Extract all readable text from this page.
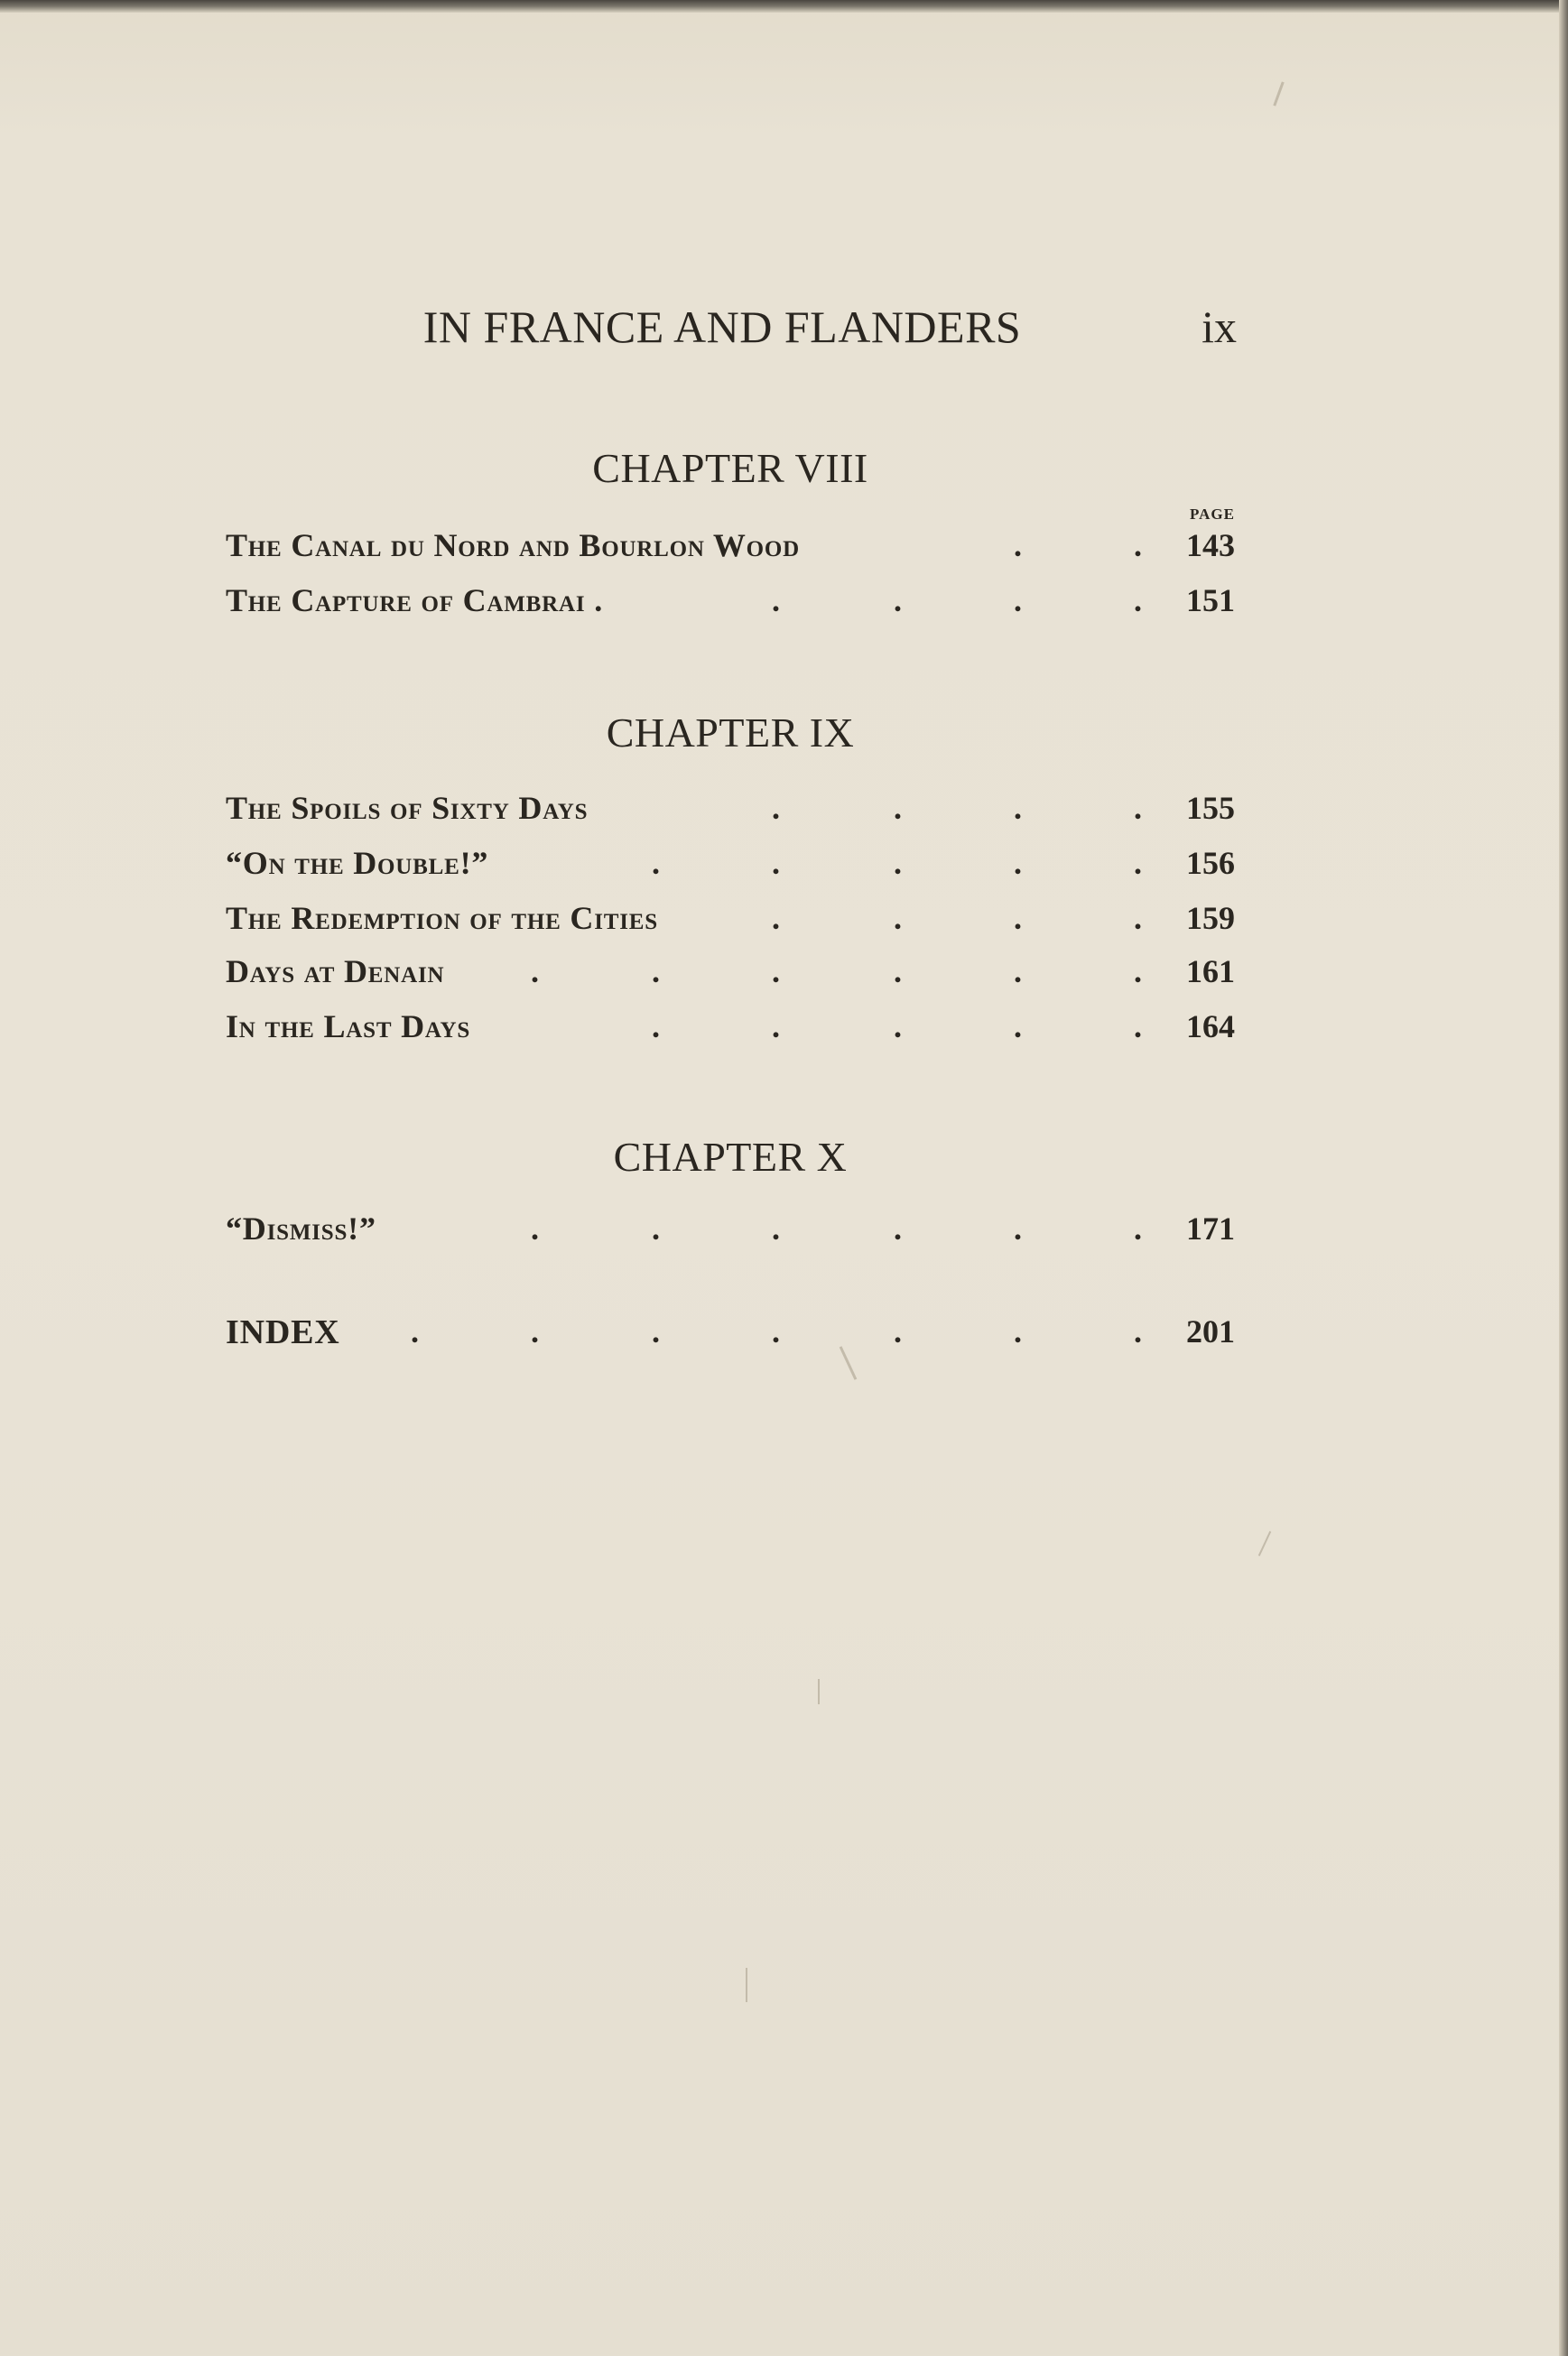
IN FRANCE AND FLANDERS	ix
CHAPTER VIII
PAGE
The Canal du Nord and Bourlon Wood	.	. 143
The Capture of Cambrai .	.	.	.	. 151
CHAPTER IX
The Spoils of Sixty Days	.	.	.	. 155
“On the Double!”	.	.	.	.	. 156
The Redemption of the Cities	.	.	.	. 159
Days at Denain	.	.	.	.	.	. 161
In the Last Days	.	.	.	.	. 164
CHAPTER X
“Dismiss!”	.	.	.	.	.	. 171
INDEX .	.	.	.	.	.	. 201
